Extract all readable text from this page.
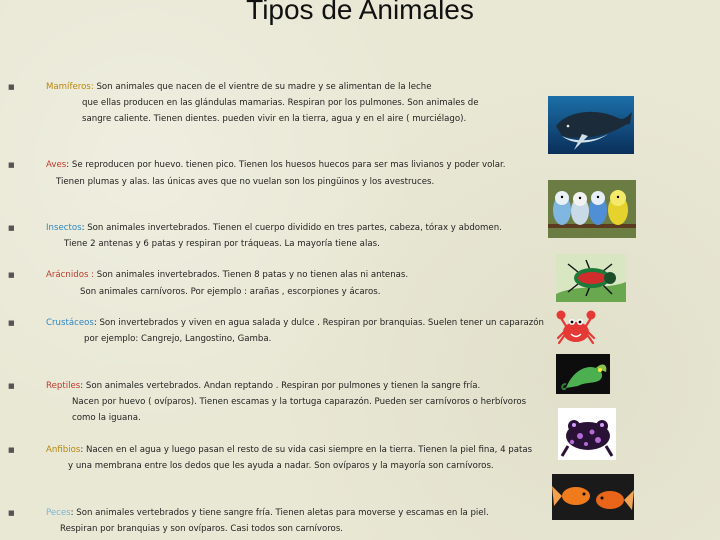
Tipos de Animales
■	Mamíferos: Son animales que nacen de el vientre de su madre y se alimentan de la leche
que ellas producen en las glándulas mamarias. Respiran por los pulmones. Son animales de
sangre caliente. Tienen dientes. pueden vivir en la tierra, agua y en el aire ( murciélago).
■	Aves: Se reproducen por huevo. tienen pico. Tienen los huesos huecos para ser mas livianos y poder volar.
Tienen plumas y alas. las únicas aves que no vuelan son los pingüinos y los avestruces.
■	Insectos: Son animales invertebrados. Tienen el cuerpo dividido en tres partes, cabeza, tórax y abdomen.
Tiene 2 antenas y 6 patas y respiran por tráqueas. La mayoría tiene alas.
■	Arácnidos : Son animales invertebrados. Tienen 8 patas y no tienen alas ni antenas.
Son animales carnívoros. Por ejemplo : arañas , escorpiones y ácaros.
■	Crustáceos: Son invertebrados y viven en agua salada y dulce . Respiran por branquias. Suelen tener un caparazón
por ejemplo: Cangrejo, Langostino, Gamba.
■	Reptiles: Son animales vertebrados. Andan reptando . Respiran por pulmones y tienen la sangre fría.
Nacen por huevo ( ovíparos). Tienen escamas y la tortuga caparazón. Pueden ser carnívoros o herbívoros
como la iguana.
■	Anfibios: Nacen en el agua y luego pasan el resto de su vida casi siempre en la tierra. Tienen la piel fina, 4 patas
y una membrana entre los dedos que les ayuda a nadar. Son ovíparos y la mayoría son carnívoros.
■	Peces: Son animales vertebrados y tiene sangre fría. Tienen aletas para moverse y escamas en la piel.
Respiran por branquias y son ovíparos. Casi todos son carnívoros.
